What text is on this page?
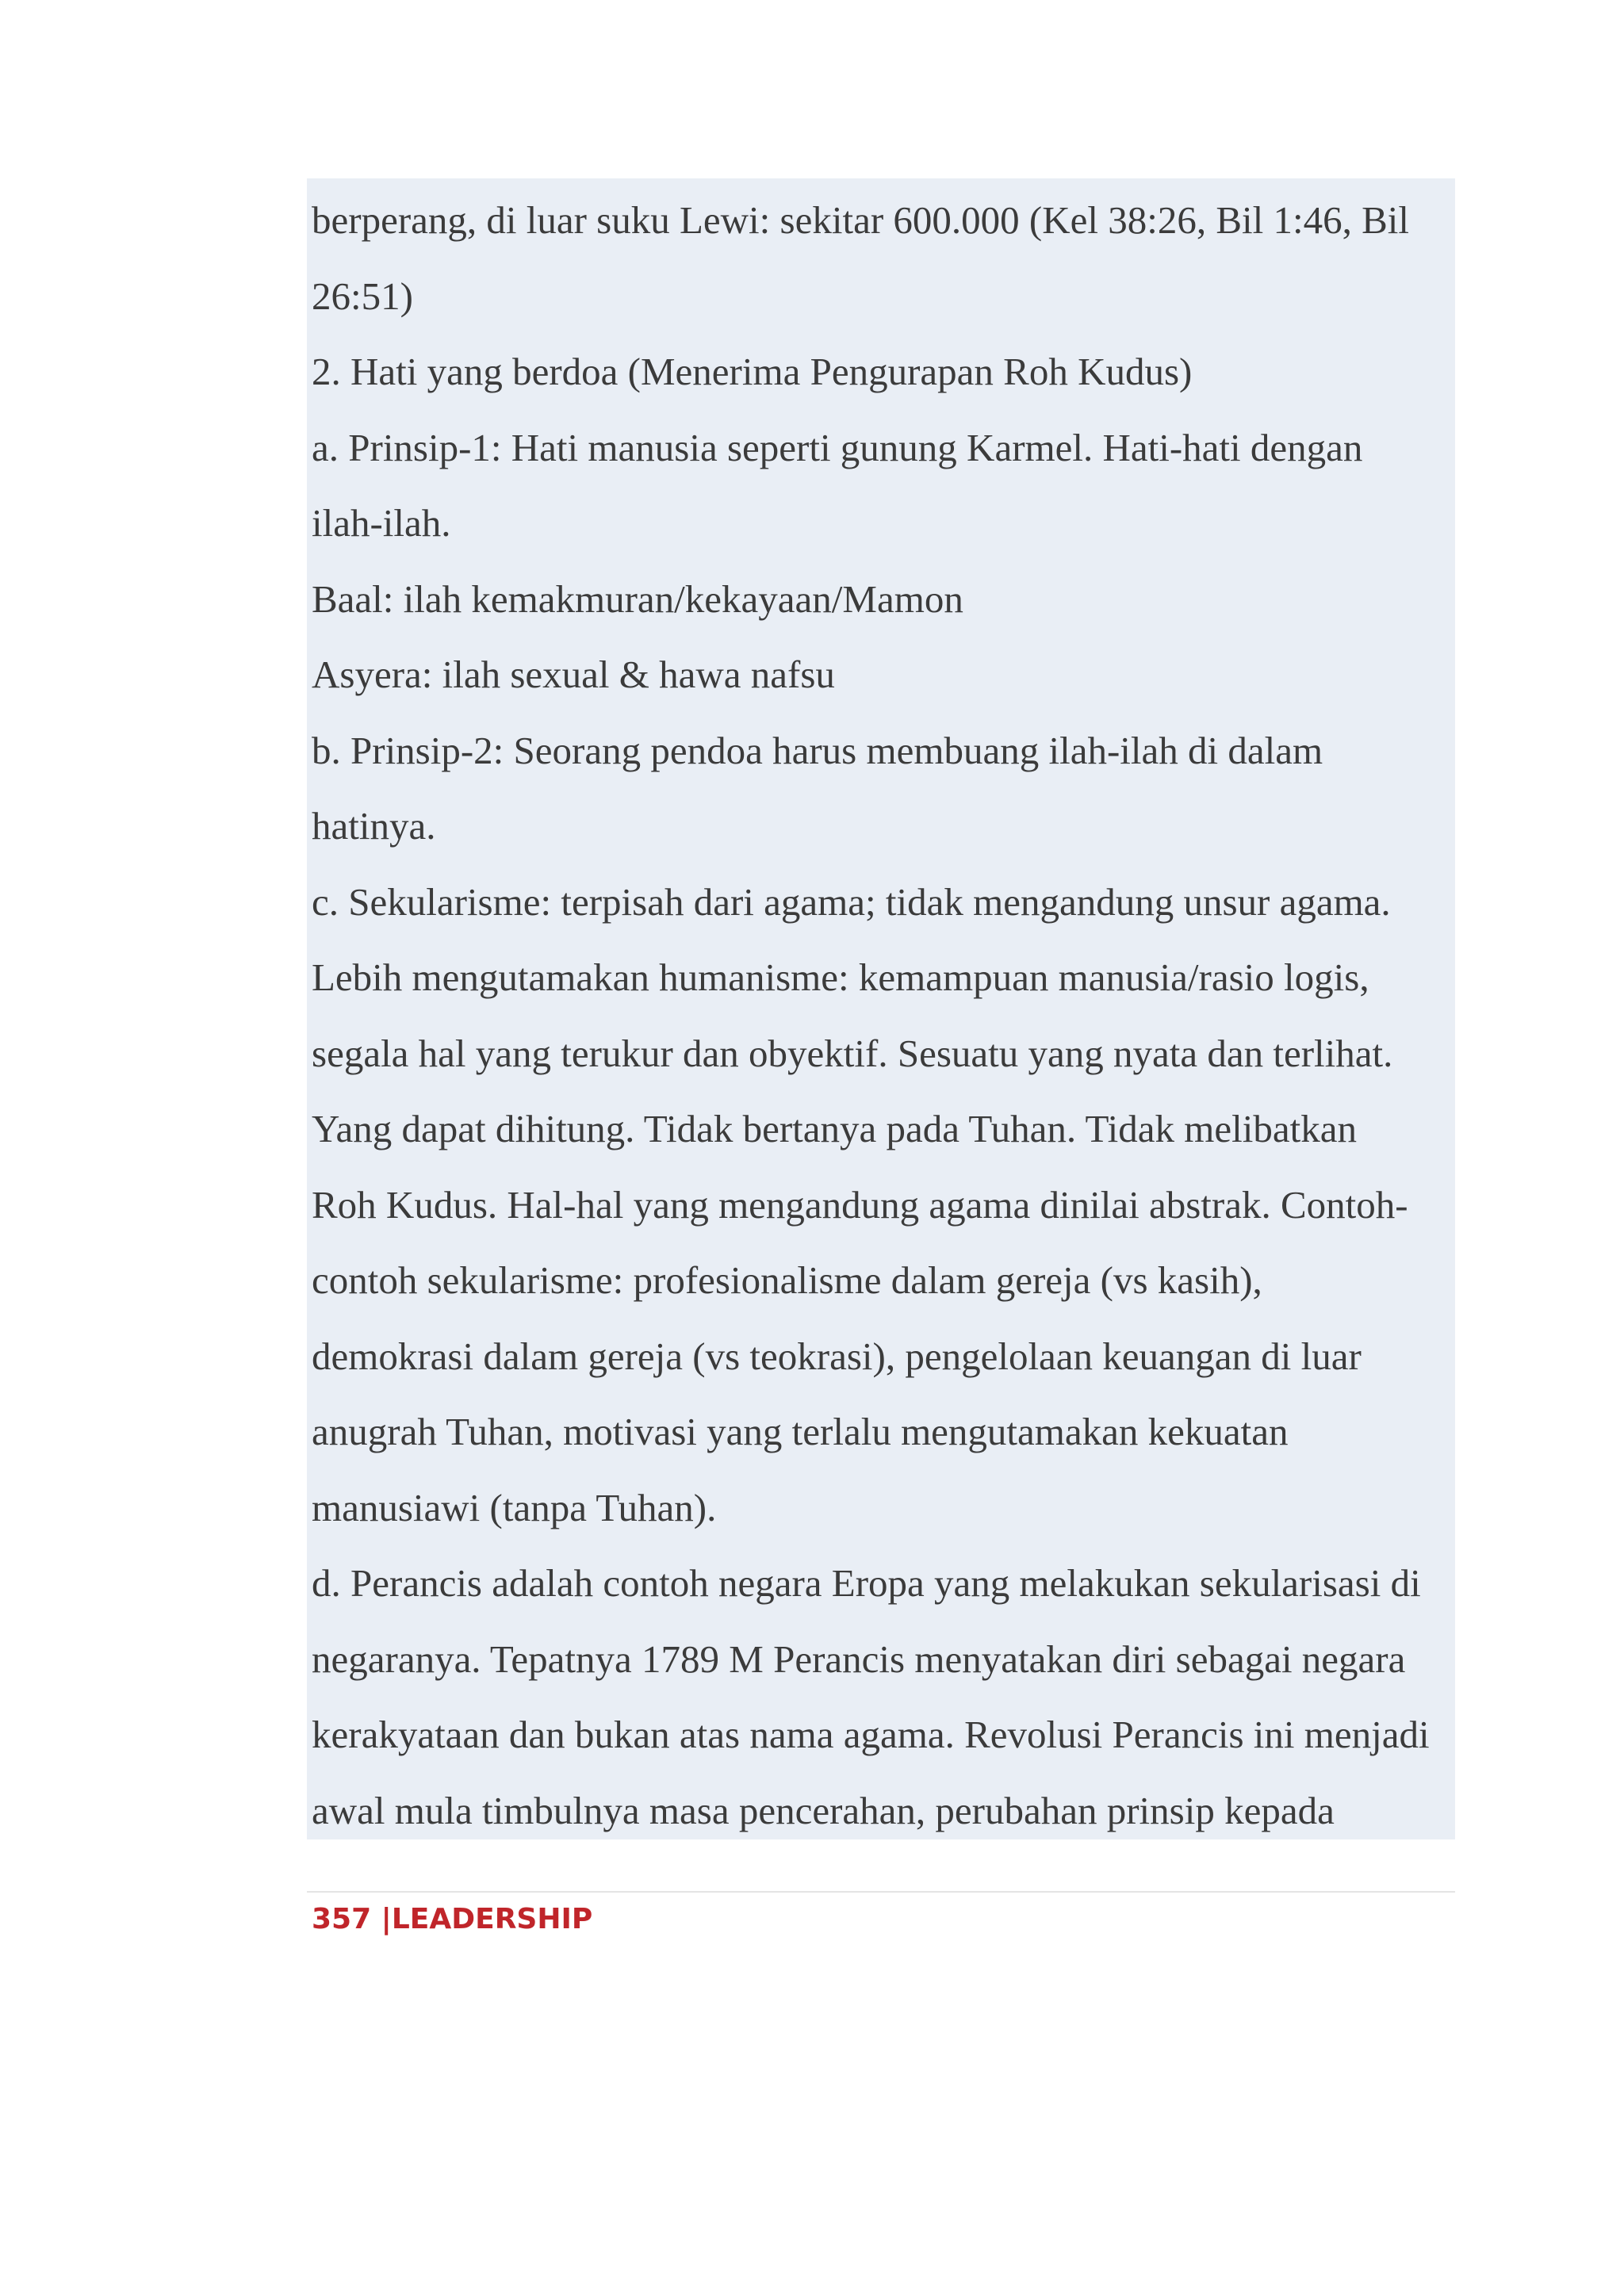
berperang, di luar suku Lewi: sekitar 600.000 (Kel 38:26, Bil 1:46, Bil

26:51)

2. Hati yang berdoa (Menerima Pengurapan Roh Kudus)

a. Prinsip-1: Hati manusia seperti gunung Karmel. Hati-hati dengan

ilah-ilah.

Baal: ilah kemakmuran/kekayaan/Mamon

Asyera: ilah sexual & hawa nafsu

b. Prinsip-2: Seorang pendoa harus membuang ilah-ilah di dalam

hatinya.

c. Sekularisme: terpisah dari agama; tidak mengandung unsur agama.

Lebih mengutamakan humanisme: kemampuan manusia/rasio logis,

segala hal yang terukur dan obyektif. Sesuatu yang nyata dan terlihat.

Yang dapat dihitung. Tidak bertanya pada Tuhan. Tidak melibatkan

Roh Kudus. Hal-hal yang mengandung agama dinilai abstrak. Contoh-

contoh sekularisme: profesionalisme dalam gereja (vs kasih),

demokrasi dalam gereja (vs teokrasi), pengelolaan keuangan di luar

anugrah Tuhan, motivasi yang terlalu mengutamakan kekuatan

manusiawi (tanpa Tuhan).

d. Perancis adalah contoh negara Eropa yang melakukan sekularisasi di

negaranya. Tepatnya 1789 M Perancis menyatakan diri sebagai negara

kerakyataan dan bukan atas nama agama. Revolusi Perancis ini menjadi

awal mula timbulnya masa pencerahan, perubahan prinsip kepada

357 |LEADERSHIP
